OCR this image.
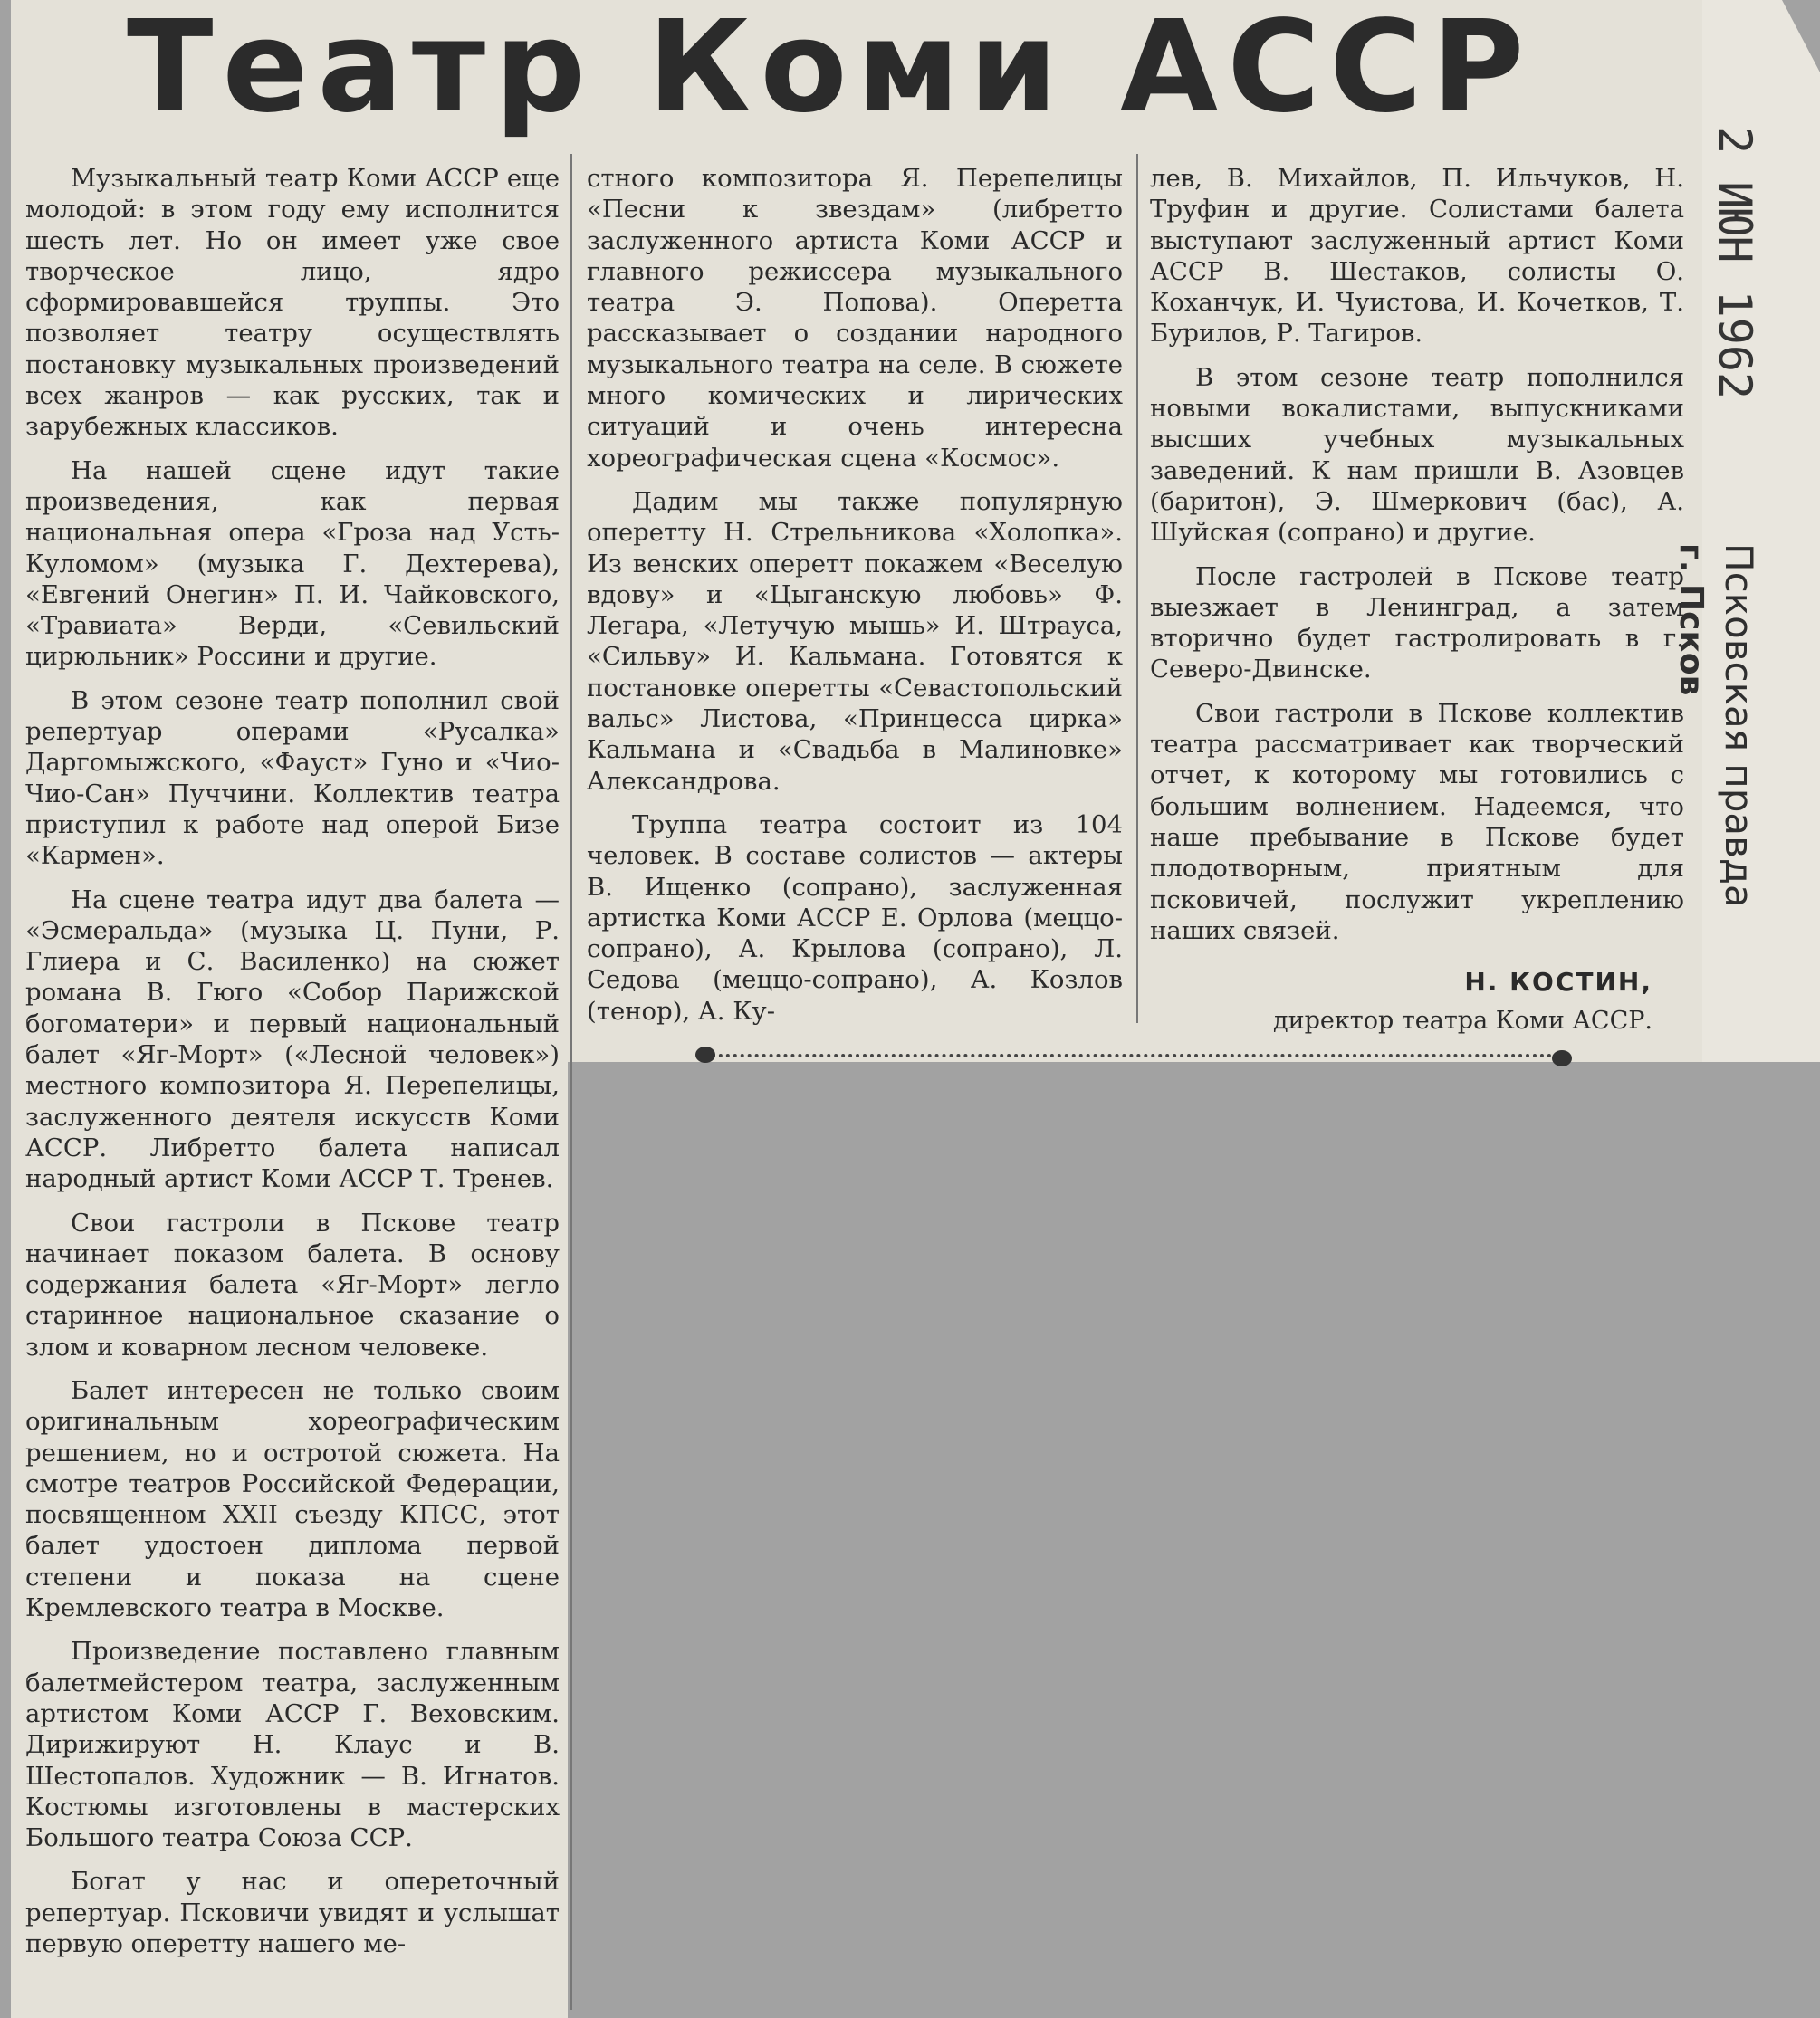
Театр Коми АССР

Музыкальный театр Коми АССР еще молодой: в этом году ему исполнится шесть лет. Но он имеет уже свое творческое лицо, ядро сформировавшейся труппы. Это позволяет театру осуществлять постановку музыкальных произведений всех жанров — как русских, так и зарубежных классиков.

На нашей сцене идут такие произведения, как первая национальная опера «Гроза над Усть-Куломом» (музыка Г. Дехтерева), «Евгений Онегин» П. И. Чайковского, «Травиата» Верди, «Севильский цирюльник» Россини и другие.

В этом сезоне театр пополнил свой репертуар операми «Русалка» Даргомыжского, «Фауст» Гуно и «Чио-Чио-Сан» Пуччини. Коллектив театра приступил к работе над оперой Бизе «Кармен».

На сцене театра идут два балета — «Эсмеральда» (музыка Ц. Пуни, Р. Глиера и С. Василенко) на сюжет романа В. Гюго «Собор Парижской богоматери» и первый национальный балет «Яг-Морт» («Лесной человек») местного композитора Я. Перепелицы, заслуженного деятеля искусств Коми АССР. Либретто балета написал народный артист Коми АССР Т. Тренев.

Свои гастроли в Пскове театр начинает показом балета. В основу содержания балета «Яг-Морт» легло старинное национальное сказание о злом и коварном лесном человеке.

Балет интересен не только своим оригинальным хореографическим решением, но и остротой сюжета. На смотре театров Российской Федерации, посвященном XXII съезду КПСС, этот балет удостоен диплома первой степени и показа на сцене Кремлевского театра в Москве.

Произведение поставлено главным балетмейстером театра, заслуженным артистом Коми АССР Г. Веховским. Дирижируют Н. Клаус и В. Шестопалов. Художник — В. Игнатов. Костюмы изготовлены в мастерских Большого театра Союза ССР.

Богат у нас и опереточный репертуар. Псковичи увидят и услышат первую оперетту нашего ме-

стного композитора Я. Перепелицы «Песни к звездам» (либретто заслуженного артиста Коми АССР и главного режиссера музыкального театра Э. Попова). Оперетта рассказывает о создании народного музыкального театра на селе. В сюжете много комических и лирических ситуаций и очень интересна хореографическая сцена «Космос».

Дадим мы также популярную оперетту Н. Стрельникова «Холопка». Из венских оперетт покажем «Веселую вдову» и «Цыганскую любовь» Ф. Легара, «Летучую мышь» И. Штрауса, «Сильву» И. Кальмана. Готовятся к постановке оперетты «Севастопольский вальс» Листова, «Принцесса цирка» Кальмана и «Свадьба в Малиновке» Александрова.

Труппа театра состоит из 104 человек. В составе солистов — актеры В. Ищенко (сопрано), заслуженная артистка Коми АССР Е. Орлова (меццо-сопрано), А. Крылова (сопрано), Л. Седова (меццо-сопрано), А. Козлов (тенор), А. Ку-

лев, В. Михайлов, П. Ильчуков, Н. Труфин и другие. Солистами балета выступают заслуженный артист Коми АССР В. Шестаков, солисты О. Коханчук, И. Чуистова, И. Кочетков, Т. Бурилов, Р. Тагиров.

В этом сезоне театр пополнился новыми вокалистами, выпускниками высших учебных музыкальных заведений. К нам пришли В. Азовцев (баритон), Э. Шмеркович (бас), А. Шуйская (сопрано) и другие.

После гастролей в Пскове театр выезжает в Ленинград, а затем вторично будет гастролировать в г. Северо-Двинске.

Свои гастроли в Пскове коллектив театра рассматривает как творческий отчет, к которому мы готовились с большим волнением. Надеемся, что наше пребывание в Пскове будет плодотворным, приятным для псковичей, послужит укреплению наших связей.

Н. КОСТИН,
директор театра Коми АССР.
2 ИЮН 1962
Псковская правда
г. Псков
